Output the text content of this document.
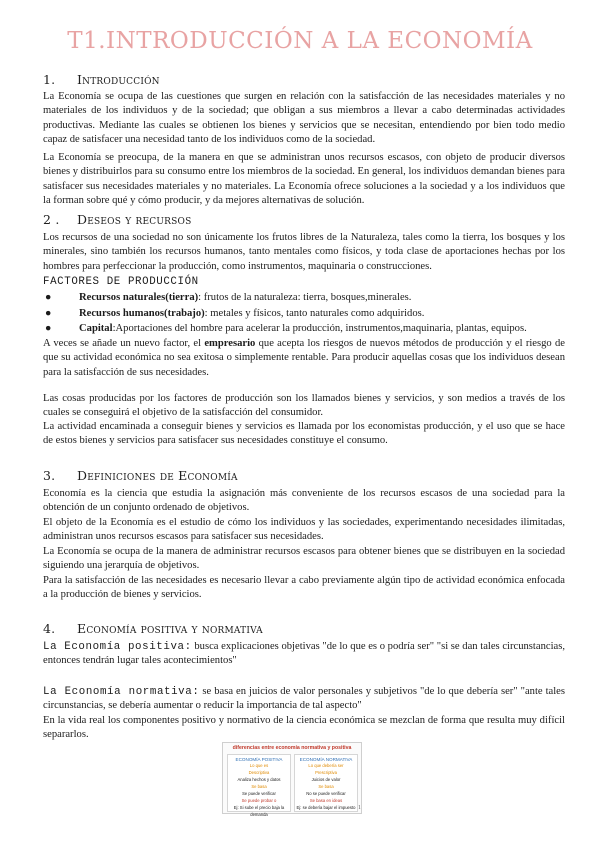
T1.INTRODUCCIÓN A LA ECONOMÍA
1. Introducción

La Economía se ocupa de las cuestiones que surgen en relación con la satisfacción de las necesidades materiales y no materiales de los individuos y de la sociedad; que obligan a sus miembros a llevar a cabo determinadas actividades productivas. Mediante las cuales se obtienen los bienes y servicios que se necesitan, entendiendo por bien todo medio capaz de satisfacer una necesidad tanto de los individuos como de la sociedad.

La Economía se preocupa, de la manera en que se administran unos recursos escasos, con objeto de producir diversos bienes y distribuirlos para su consumo entre los miembros de la sociedad. En general, los individuos demandan bienes para satisfacer sus necesidades materiales y no materiales. La Economía ofrece soluciones a la sociedad y a los individuos que la forman sobre qué y cómo producir, y da mejores alternativas de solución.

2 . Deseos y recursos

Los recursos de una sociedad no son únicamente los frutos libres de la Naturaleza, tales como la tierra, los bosques y los minerales, sino también los recursos humanos, tanto mentales como físicos, y toda clase de aportaciones hechas por los hombres para perfeccionar la producción, como instrumentos, maquinaria o construcciones.

FACTORES DE PRODUCCIÓN
●	Recursos naturales(tierra): frutos de la naturaleza: tierra, bosques,minerales.
●	Recursos humanos(trabajo): metales y físicos, tanto naturales como adquiridos.
●	Capital:Aportaciones del hombre para acelerar la producción, instrumentos,maquinaria, plantas, equipos.

A veces se añade un nuevo factor, el empresario que acepta los riesgos de nuevos métodos de producción y el riesgo de que su actividad económica no sea exitosa o simplemente rentable. Para producir aquellas cosas que los individuos desean para la satisfacción de sus necesidades.

Las cosas producidas por los factores de producción son los llamados bienes y servicios, y son medios a través de los cuales se conseguirá el objetivo de la satisfacción del consumidor.

La actividad encaminada a conseguir bienes y servicios es llamada por los economistas producción, y el uso que se hace de estos bienes y servicios para satisfacer sus necesidades constituye el consumo.

3. Definiciones de Economía

Economía es la ciencia que estudia la asignación más conveniente de los recursos escasos de una sociedad para la obtención de un conjunto ordenado de objetivos.

El objeto de la Economía es el estudio de cómo los individuos y las sociedades, experimentando necesidades ilimitadas, administran unos recursos escasos para satisfacer sus necesidades.

La Economía se ocupa de la manera de administrar recursos escasos para obtener bienes que se distribuyen en la sociedad siguiendo una jerarquía de objetivos.

Para la satisfacción de las necesidades es necesario llevar a cabo previamente algún tipo de actividad económica enfocada a la producción de bienes y servicios.

4. Economía positiva y normativa

La Economía positiva: busca explicaciones objetivas "de lo que es o podría ser" "si se dan tales circunstancias, entonces tendrán lugar tales acontecimientos"

La Economía normativa: se basa en juicios de valor personales y subjetivos "de lo que debería ser" "ante tales circunstancias, se debería aumentar o reducir la importancia de tal aspecto"

En la vida real los componentes positivo y normativo de la ciencia económica se mezclan de forma que resulta muy difícil separarlos.

diferencias entre economía normativa y positiva
ECONOMÍA POSITIVA
Lo que es
Descriptiva
Analiza hechos y datos
Se basa
Se puede verificar
Se puede probar o
Ej: Si sube el precio baja la demanda
ECONOMÍA NORMATIVA
Lo que debería ser
Prescriptiva
Juicios de valor
Se basa
No se puede verificar
Se basa en ideas
Ej: se debería bajar el impuesto 1
